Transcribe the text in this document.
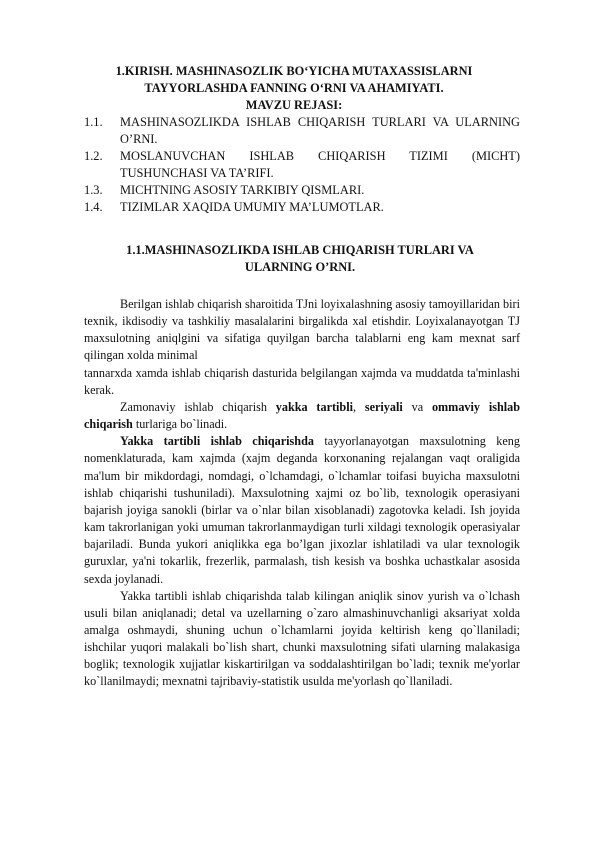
1.KIRISH. MASHINASOZLIK BO‘YICHA MUTAXASSISLARNI

TAYYORLASHDA FANNING O‘RNI VA AHAMIYATI.

MAVZU REJASI:

1.1.	MASHINASOZLIKDA ISHLAB CHIQARISH TURLARI VA ULARNING O’RNI.
1.2.	MOSLANUVCHAN ISHLAB CHIQARISH TIZIMI (MICHT) TUSHUNCHASI VA TA’RIFI.
1.3.	MICHTNING ASOSIY TARKIBIY QISMLARI.
1.4.	TIZIMLAR XAQIDA UMUMIY MA’LUMOTLAR.

1.1.MASHINASOZLIKDA ISHLAB CHIQARISH TURLARI VA

ULARNING O’RNI.

Berilgan ishlab chiqarish sharoitida TJni loyixalashning asosiy tamoyillaridan biri texnik, ikdisodiy va tashkiliy masalalarini birgalikda xal etishdir. Loyixalanayotgan TJ maxsulotning aniqlgini va sifatiga quyilgan barcha talablarni eng kam mexnat sarf qilingan xolda minimal

tannarxda xamda ishlab chiqarish dasturida belgilangan xajmda va muddatda ta'minlashi kerak.

Zamonaviy ishlab chiqarish yakka tartibli, seriyali va ommaviy ishlab chiqarish turlariga bo`linadi.

Yakka tartibli ishlab chiqarishda tayyorlanayotgan maxsulotning keng nomenklaturada, kam xajmda (xajm deganda korxonaning rejalangan vaqt oraligida ma'lum bir mikdordagi, nomdagi, o`lchamdagi, o`lchamlar toifasi buyicha maxsulotni ishlab chiqarishi tushuniladi). Maxsulotning xajmi oz bo`lib, texnologik operasiyani bajarish joyiga sanokli (birlar va o`nlar bilan xisoblanadi) zagotovka keladi. Ish joyida kam takrorlanigan yoki umuman takrorlanmaydigan turli xildagi texnologik operasiyalar bajariladi. Bunda yukori aniqlikka ega bo’lgan jixozlar ishlatiladi va ular texnologik guruxlar, ya'ni tokarlik, frezerlik, parmalash, tish kesish va boshka uchastkalar asosida sexda joylanadi.

Yakka tartibli ishlab chiqarishda talab kilingan aniqlik sinov yurish va o`lchash usuli bilan aniqlanadi; detal va uzellarning o`zaro almashinuvchanligi aksariyat xolda amalga oshmaydi, shuning uchun o`lchamlarni joyida keltirish keng qo`llaniladi; ishchilar yuqori malakali bo`lish shart, chunki maxsulotning sifati ularning malakasiga boglik; texnologik xujjatlar kiskartirilgan va soddalashtirilgan bo`ladi; texnik me'yorlar ko`llanilmaydi; mexnatni tajribaviy-statistik usulda me'yorlash qo`llaniladi.
